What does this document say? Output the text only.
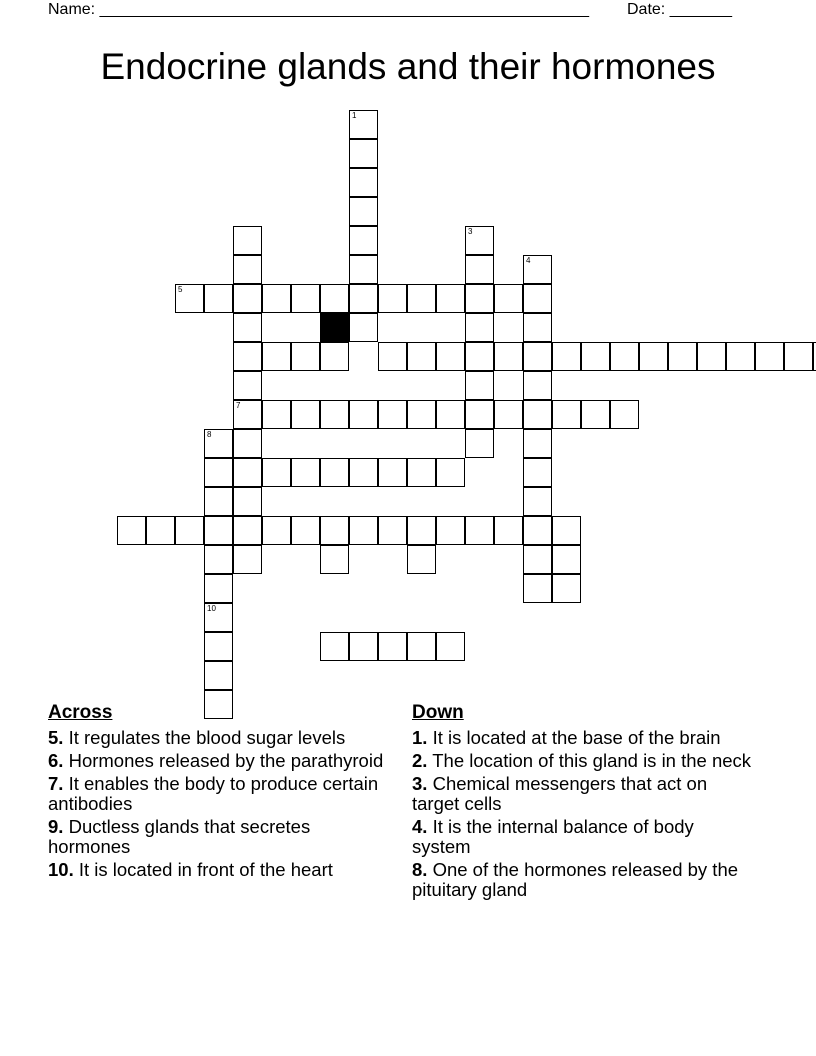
Name: _______________________________________________________ Date: _______
Endocrine glands and their hormones
1
7
3
4
8
10
5
Across
5. It regulates the blood sugar levels
6. Hormones released by the parathyroid
7. It enables the body to produce certain antibodies
9. Ductless glands that secretes hormones
10. It is located in front of the heart
Down
1. It is located at the base of the brain
2. The location of this gland is in the neck
3. Chemical messengers that act on target cells
4. It is the internal balance of body system
8. One of the hormones released by the pituitary gland
